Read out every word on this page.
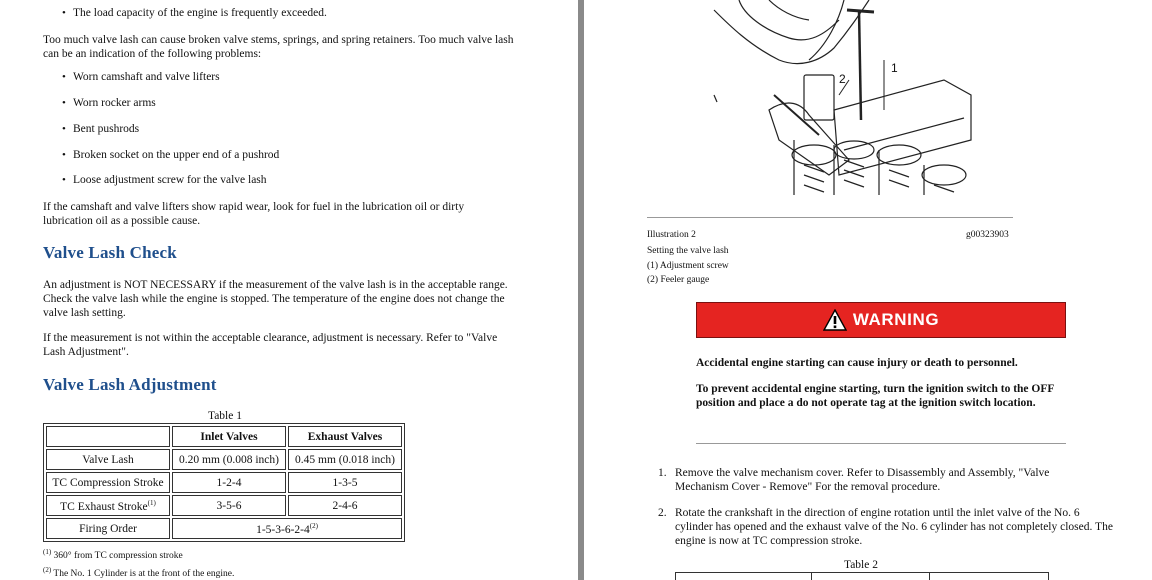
• The load capacity of the engine is frequently exceeded.
Too much valve lash can cause broken valve stems, springs, and spring retainers. Too much valve lash can be an indication of the following problems:
• Worn camshaft and valve lifters
• Worn rocker arms
• Bent pushrods
• Broken socket on the upper end of a pushrod
• Loose adjustment screw for the valve lash
If the camshaft and valve lifters show rapid wear, look for fuel in the lubrication oil or dirty lubrication oil as a possible cause.
Valve Lash Check
An adjustment is NOT NECESSARY if the measurement of the valve lash is in the acceptable range. Check the valve lash while the engine is stopped. The temperature of the engine does not change the valve lash setting.
If the measurement is not within the acceptable clearance, adjustment is necessary. Refer to "Valve Lash Adjustment".
Valve Lash Adjustment
Table 1
	Inlet Valves	Exhaust Valves
Valve Lash	0.20 mm (0.008 inch)	0.45 mm (0.018 inch)
TC Compression Stroke	1-2-4	1-3-5
TC Exhaust Stroke$^{(1)}$	3-5-6	2-4-6
Firing Order	1-5-3-6-2-4$^{(2)}$
$^{(1)}$ 360° from TC compression stroke
$^{(2)}$ The No. 1 Cylinder is at the front of the engine.
1
2
Illustration 2	g00323903
Setting the valve lash
(1) Adjustment screw
(2) Feeler gauge
WARNING
Accidental engine starting can cause injury or death to personnel.
To prevent accidental engine starting, turn the ignition switch to the OFF position and place a do not operate tag at the ignition switch location.
1. Remove the valve mechanism cover. Refer to Disassembly and Assembly, "Valve Mechanism Cover - Remove" For the removal procedure.
2. Rotate the crankshaft in the direction of engine rotation until the inlet valve of the No. 6 cylinder has opened and the exhaust valve of the No. 6 cylinder has not completely closed. The engine is now at TC compression stroke.
Table 2
